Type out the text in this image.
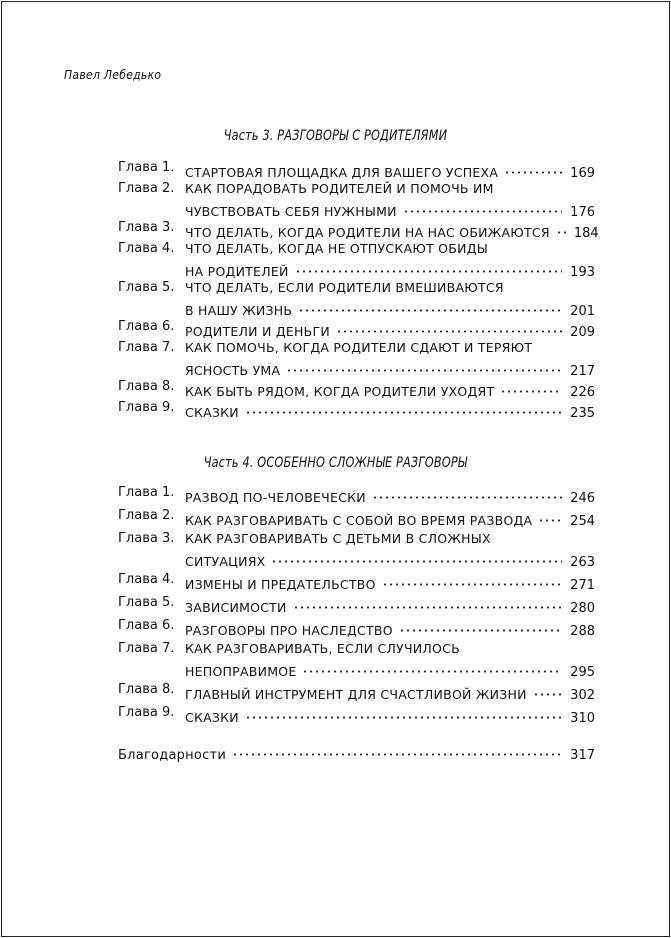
Павел Лебедько
Часть 3. РАЗГОВОРЫ С РОДИТЕЛЯМИ
Глава 1. СТАРТОВАЯ ПЛОЩАДКА ДЛЯ ВАШЕГО УСПЕХА	169
Глава 2. КАК ПОРАДОВАТЬ РОДИТЕЛЕЙ И ПОМОЧЬ ИМ
ЧУВСТВОВАТЬ СЕБЯ НУЖНЫМИ	176
Глава 3. ЧТО ДЕЛАТЬ, КОГДА РОДИТЕЛИ НА НАС ОБИЖАЮТСЯ 184
Глава 4. ЧТО ДЕЛАТЬ, КОГДА НЕ ОТПУСКАЮТ ОБИДЫ
НА РОДИТЕЛЕЙ	193
Глава 5. ЧТО ДЕЛАТЬ, ЕСЛИ РОДИТЕЛИ ВМЕШИВАЮТСЯ
В НАШУ ЖИЗНЬ	201
Глава 6. РОДИТЕЛИ И ДЕНЬГИ	209
Глава 7. КАК ПОМОЧЬ, КОГДА РОДИТЕЛИ СДАЮТ И ТЕРЯЮТ
ЯСНОСТЬ УМА	217
Глава 8. КАК БЫТЬ РЯДОМ, КОГДА РОДИТЕЛИ УХОДЯТ	226
Глава 9. СКАЗКИ	235
Часть 4. ОСОБЕННО СЛОЖНЫЕ РАЗГОВОРЫ
Глава 1. РАЗВОД ПО-ЧЕЛОВЕЧЕСКИ	246
Глава 2. КАК РАЗГОВАРИВАТЬ С СОБОЙ ВО ВРЕМЯ РАЗВОДА	254
Глава 3. КАК РАЗГОВАРИВАТЬ С ДЕТЬМИ В СЛОЖНЫХ
СИТУАЦИЯХ	263
Глава 4. ИЗМЕНЫ И ПРЕДАТЕЛЬСТВО	271
Глава 5. ЗАВИСИМОСТИ	280
Глава 6. РАЗГОВОРЫ ПРО НАСЛЕДСТВО	288
Глава 7. КАК РАЗГОВАРИВАТЬ, ЕСЛИ СЛУЧИЛОСЬ
НЕПОПРАВИМОЕ	295
Глава 8. ГЛАВНЫЙ ИНСТРУМЕНТ ДЛЯ СЧАСТЛИВОЙ ЖИЗНИ	302
Глава 9. СКАЗКИ	310
Благодарности	317
